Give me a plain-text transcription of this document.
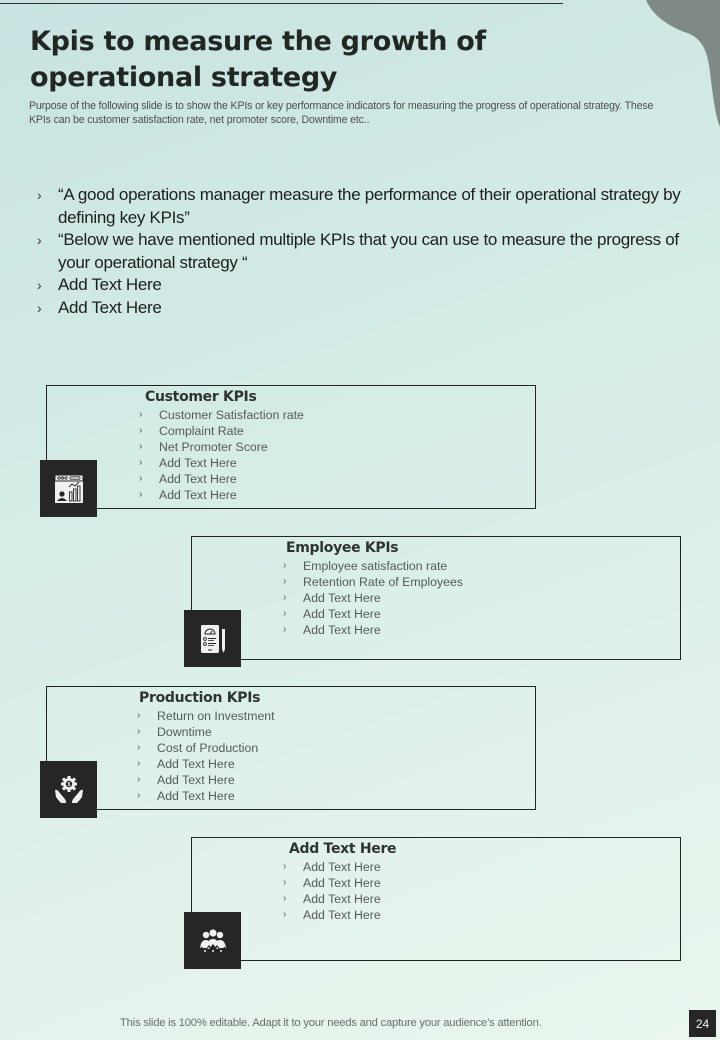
Kpis to measure the growth of operational strategy

Purpose of the following slide is to show the KPIs or key performance indicators for measuring the progress of operational strategy. These KPIs can be customer satisfaction rate, net promoter score, Downtime etc..

› “A good operations manager measure the performance of their operational strategy by defining key KPIs”
› “Below we have mentioned multiple KPIs that you can use to measure the progress of your operational strategy “
› Add Text Here
› Add Text Here
Customer KPIs
› Customer Satisfaction rate
› Complaint Rate
› Net Promoter Score
› Add Text Here
› Add Text Here
› Add Text Here
Employee KPIs
› Employee satisfaction rate
› Retention Rate of Employees
› Add Text Here
› Add Text Here
› Add Text Here
$
Production KPIs
› Return on Investment
› Downtime
› Cost of Production
› Add Text Here
› Add Text Here
› Add Text Here
Add Text Here
› Add Text Here
› Add Text Here
› Add Text Here
› Add Text Here
This slide is 100% editable. Adapt it to your needs and capture your audience’s attention.	24
